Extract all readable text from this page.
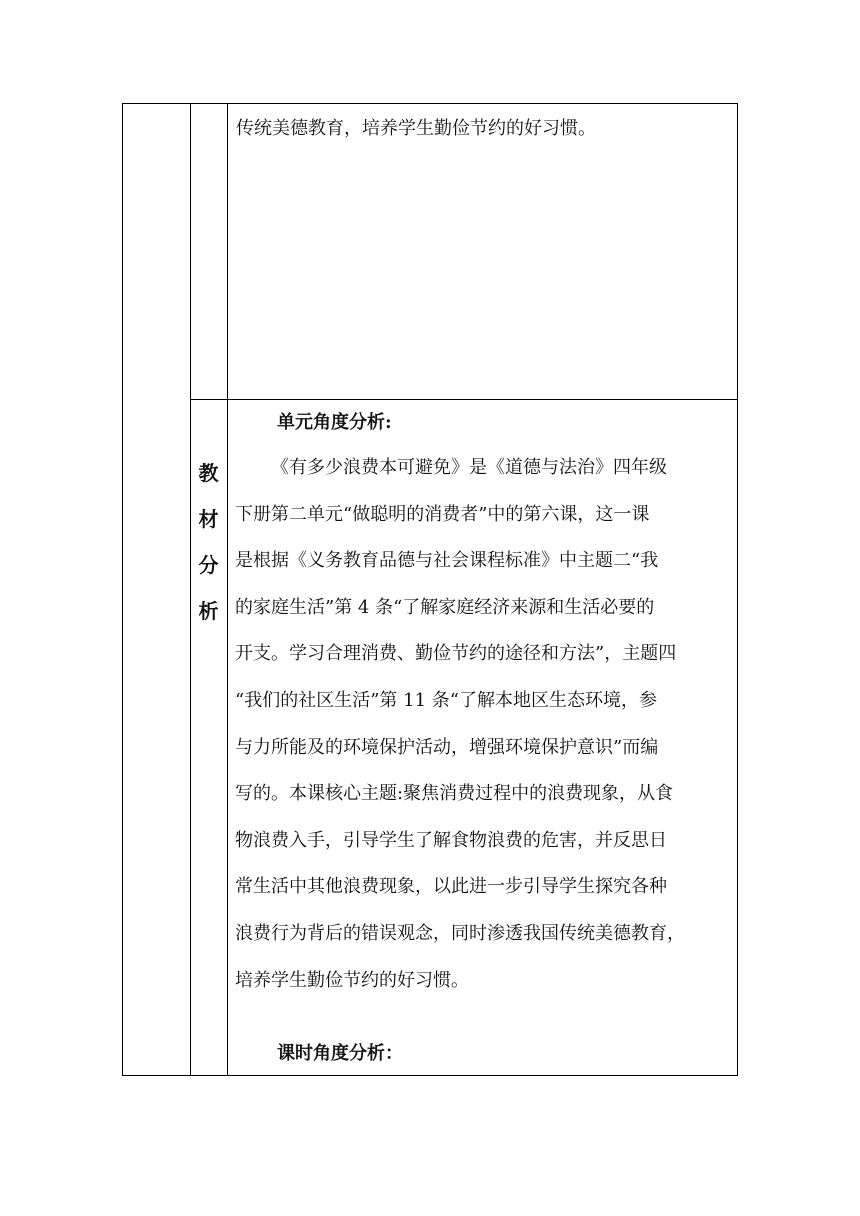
教
材
分
析
传统美德教育，培养学生勤俭节约的好习惯。
单元角度分析:
《有多少浪费本可避免》是《道德与法治》四年级
下册第二单元“做聪明的消费者”中的第六课，这一课
是根据《义务教育品德与社会课程标准》中主题二“我
的家庭生活”第 4 条“了解家庭经济来源和生活必要的
开支。学习合理消费、勤俭节约的途径和方法”，主题四
“我们的社区生活”第 11 条“了解本地区生态环境，参
与力所能及的环境保护活动，增强环境保护意识”而编
写的。本课核心主题:聚焦消费过程中的浪费现象，从食
物浪费入手，引导学生了解食物浪费的危害，并反思日
常生活中其他浪费现象，以此进一步引导学生探究各种
浪费行为背后的错误观念，同时渗透我国传统美德教育，
培养学生勤俭节约的好习惯。
课时角度分析：
